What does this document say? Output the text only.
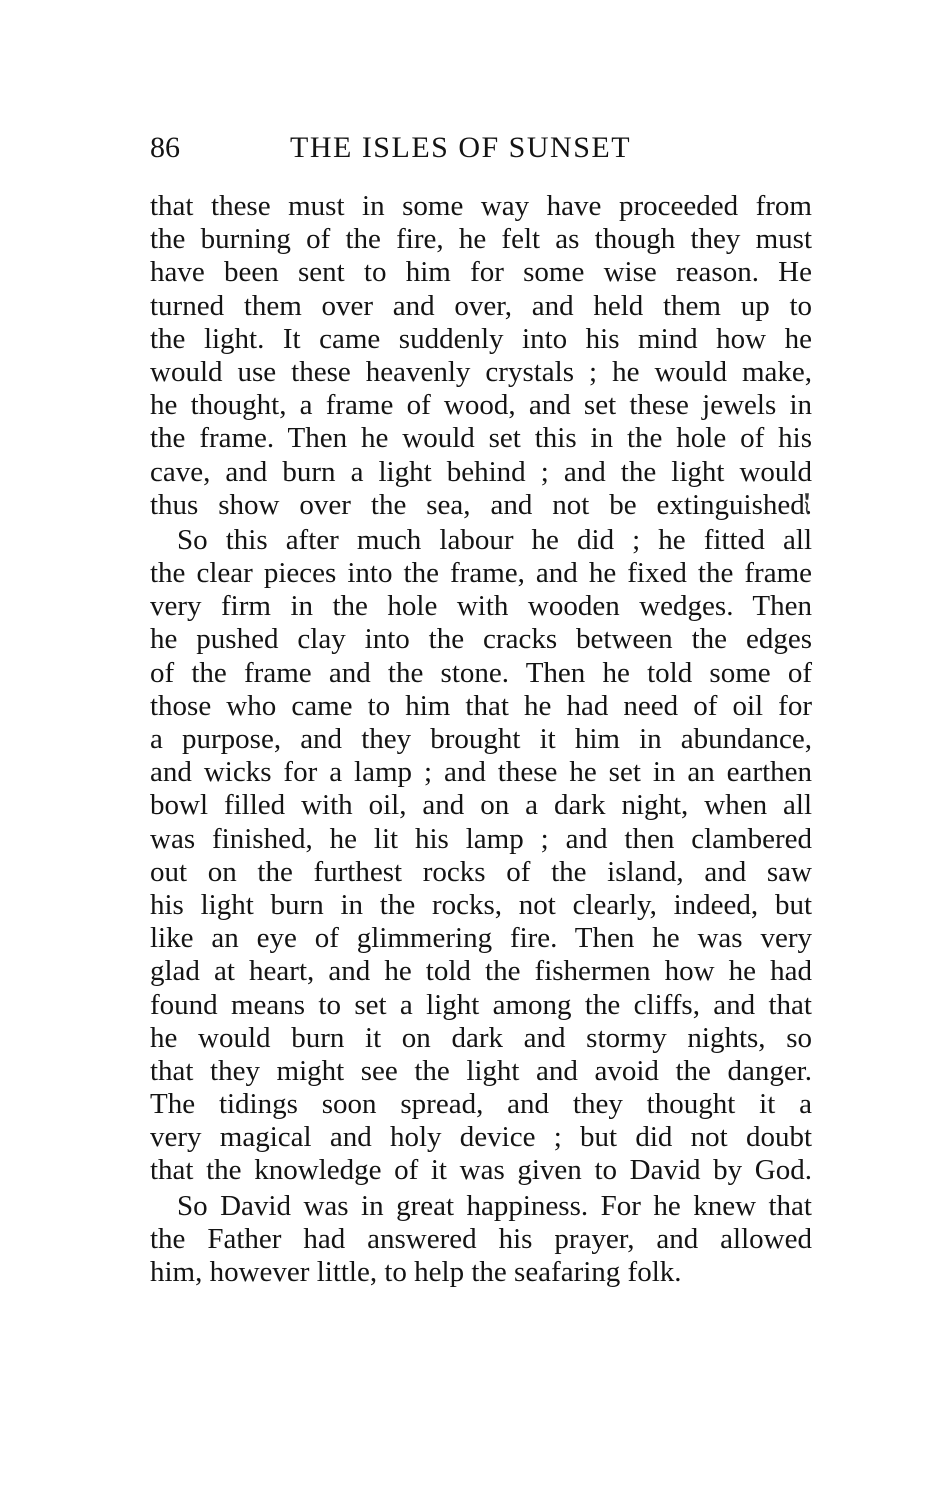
86	THE ISLES OF SUNSET
that these must in some way have proceeded from
the burning of the fire, he felt as though they must
have been sent to him for some wise reason. He
turned them over and over, and held them up to
the light. It came suddenly into his mind how he
would use these heavenly crystals ; he would make,
he thought, a frame of wood, and set these jewels in
the frame. Then he would set this in the hole of his
cave, and burn a light behind ; and the light would
thus show over the sea, and not be extinguished.
So this after much labour he did ; he fitted all
the clear pieces into the frame, and he fixed the frame
very firm in the hole with wooden wedges. Then
he pushed clay into the cracks between the edges
of the frame and the stone. Then he told some of
those who came to him that he had need of oil for
a purpose, and they brought it him in abundance,
and wicks for a lamp ; and these he set in an earthen
bowl filled with oil, and on a dark night, when all
was finished, he lit his lamp ; and then clambered
out on the furthest rocks of the island, and saw
his light burn in the rocks, not clearly, indeed, but
like an eye of glimmering fire. Then he was very
glad at heart, and he told the fishermen how he had
found means to set a light among the cliffs, and that
he would burn it on dark and stormy nights, so
that they might see the light and avoid the danger.
The tidings soon spread, and they thought it a
very magical and holy device ; but did not doubt
that the knowledge of it was given to David by God.
So David was in great happiness. For he knew that
the Father had answered his prayer, and allowed
him, however little, to help the seafaring folk.
